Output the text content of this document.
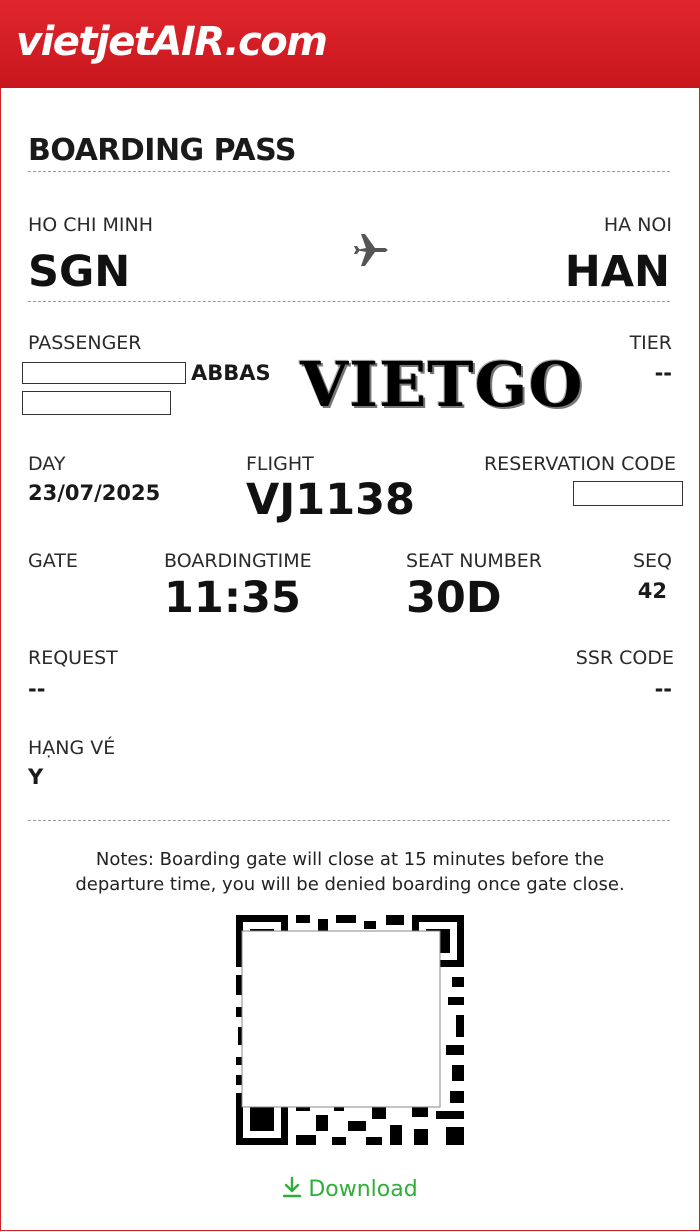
vietjetAIR.com
BOARDING PASS
HO CHI MINH
SGN
HA NOI
HAN
PASSENGER
ABBAS VIETGO
TIER
--
DAY
23/07/2025
FLIGHT
VJ1138
RESERVATION CODE
GATE	BOARDINGTIME
11:35
SEAT NUMBER
30D
SEQ
42
REQUEST
--
SSR CODE
--
HẠNG VÉ
Y
Notes: Boarding gate will close at 15 minutes before the
departure time, you will be denied boarding once gate close.
Download
